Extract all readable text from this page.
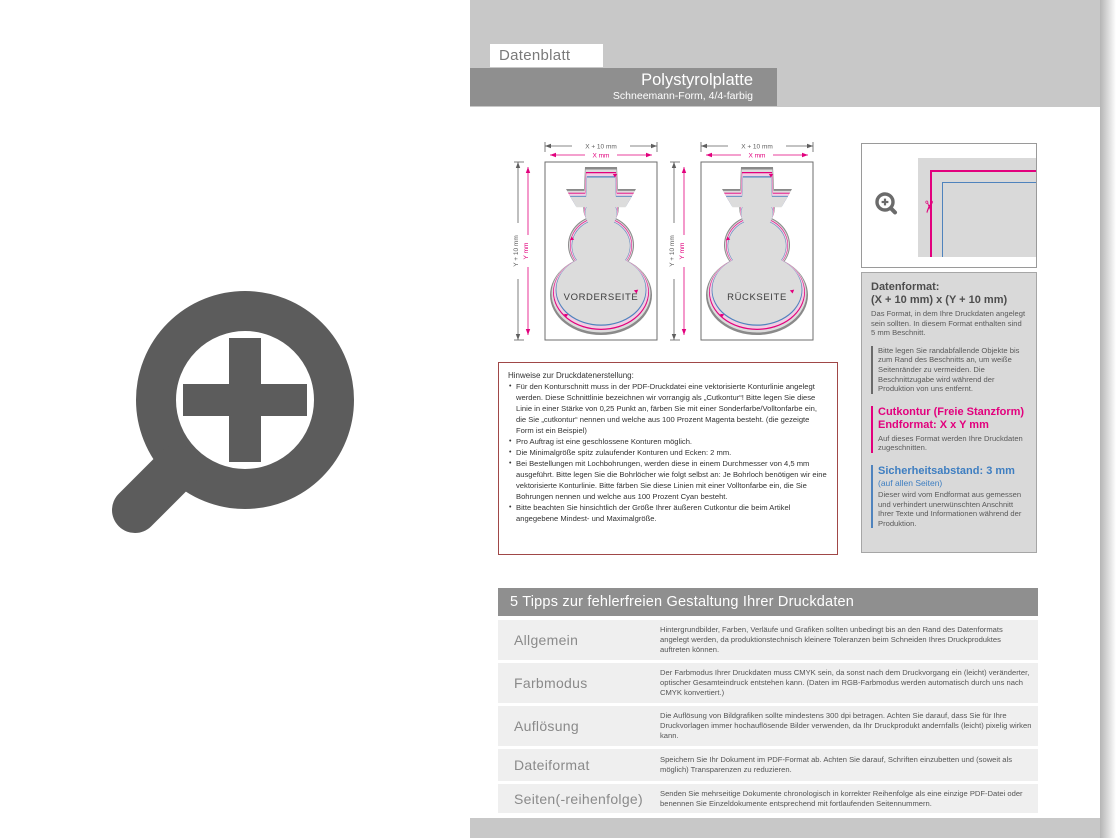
Datenblatt
Polystyrolplatte
Schneemann-Form, 4/4-farbig
X + 10 mm
X mm
Y + 10 mm Y mm
VORDERSEITE
X + 10 mm
X mm
Y + 10 mm Y mm
RÜCKSEITE
✂
Datenformat:
(X + 10 mm) x (Y + 10 mm)
Das Format, in dem Ihre Druckdaten angelegt sein sollten. In diesem Format enthalten sind 5 mm Beschnitt.
Bitte legen Sie randabfallende Objekte bis zum Rand des Beschnitts an, um weiße Seitenränder zu vermeiden. Die Beschnittzugabe wird während der Produktion von uns entfernt.
Cutkontur (Freie Stanzform)
Endformat: X x Y mm
Auf dieses Format werden Ihre Druckdaten zugeschnitten.
Sicherheitsabstand: 3 mm
(auf allen Seiten)
Dieser wird vom Endformat aus gemessen und verhindert unerwünschten Anschnitt Ihrer Texte und Informationen während der Produktion.
Hinweise zur Druckdatenerstellung:
• Für den Konturschnitt muss in der PDF-Druckdatei eine vektorisierte Konturlinie angelegt werden. Diese Schnittlinie bezeichnen wir vorrangig als „Cutkontur“! Bitte legen Sie diese Linie in einer Stärke von 0,25 Punkt an, färben Sie mit einer Sonderfarbe/Volltonfarbe ein, die Sie „cutkontur“ nennen und welche aus 100 Prozent Magenta besteht. (die gezeigte Form ist ein Beispiel)
• Pro Auftrag ist eine geschlossene Konturen möglich.
• Die Minimalgröße spitz zulaufender Konturen und Ecken: 2 mm.
• Bei Bestellungen mit Lochbohrungen, werden diese in einem Durchmesser von 4,5 mm ausgeführt. Bitte legen Sie die Bohrlöcher wie folgt selbst an: Je Bohrloch benötigen wir eine vektorisierte Konturlinie. Bitte färben Sie diese Linien mit einer Volltonfarbe ein, die Sie Bohrungen nennen und welche aus 100 Prozent Cyan besteht.
• Bitte beachten Sie hinsichtlich der Größe Ihrer äußeren Cutkontur die beim Artikel angegebene Mindest- und Maximalgröße.
5 Tipps zur fehlerfreien Gestaltung Ihrer Druckdaten
Allgemein
Hintergrundbilder, Farben, Verläufe und Grafiken sollten unbedingt bis an den Rand des Datenformats angelegt werden, da produktionstechnisch kleinere Toleranzen beim Schneiden Ihres Druckproduktes auftreten können.
Farbmodus
Der Farbmodus Ihrer Druckdaten muss CMYK sein, da sonst nach dem Druckvorgang ein (leicht) veränderter, optischer Gesamteindruck entstehen kann. (Daten im RGB-Farbmodus werden automatisch durch uns nach CMYK konvertiert.)
Auflösung
Die Auflösung von Bildgrafiken sollte mindestens 300 dpi betragen. Achten Sie darauf, dass Sie für Ihre Druckvorlagen immer hochauflösende Bilder verwenden, da Ihr Druckprodukt andernfalls (leicht) pixelig wirken kann.
Dateiformat	Speichern Sie Ihr Dokument im PDF-Format ab. Achten Sie darauf, Schriften einzubetten und (soweit als möglich) Transparenzen zu reduzieren.
Seiten(-reihenfolge) Senden Sie mehrseitige Dokumente chronologisch in korrekter Reihenfolge als eine einzige PDF-Datei oder benennen Sie Einzeldokumente entsprechend mit fortlaufenden Seitennummern.
